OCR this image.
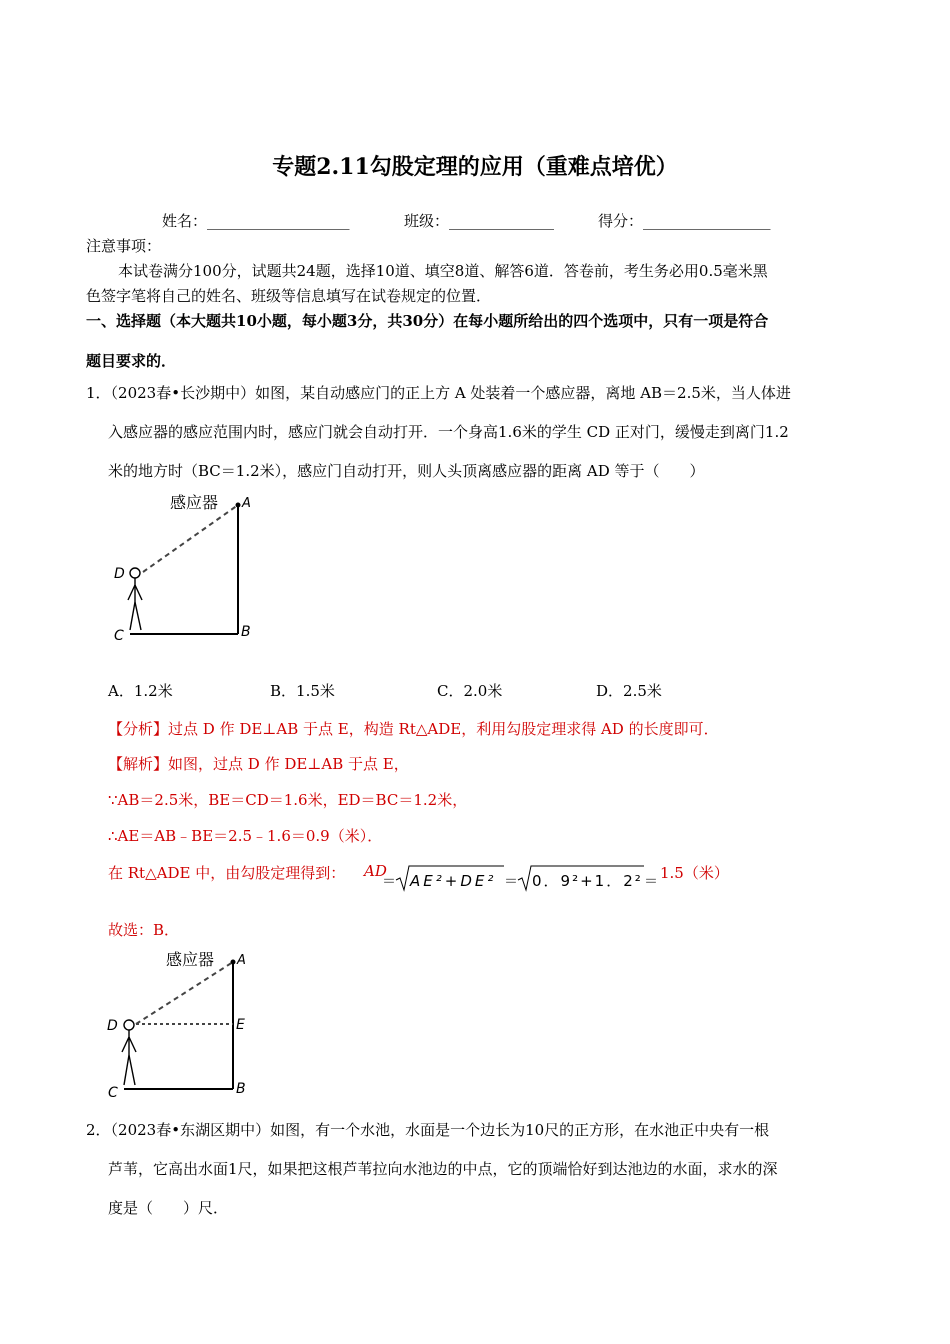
专题2.11勾股定理的应用（重难点培优）
姓名：___________________	班级：______________	得分：_________________
注意事项：
本试卷满分100分，试题共24题，选择10道、填空8道、解答6道．答卷前，考生务必用0.5毫米黑
色签字笔将自己的姓名、班级等信息填写在试卷规定的位置．
一、选择题（本大题共10小题，每小题3分，共30分）在每小题所给出的四个选项中，只有一项是符合
题目要求的．
1．（2023春•长沙期中）如图，某自动感应门的正上方 A 处装着一个感应器，离地 AB＝2.5米，当人体进
入感应器的感应范围内时，感应门就会自动打开．一个身高1.6米的学生 CD 正对门，缓慢走到离门1.2
米的地方时（BC＝1.2米），感应门自动打开，则人头顶离感应器的距离 AD 等于（　　）
感应器 A
D
C	B
A．1.2米	B．1.5米	C．2.0米	D．2.5米
【分析】过点 D 作 DE⊥AB 于点 E，构造 Rt△ADE，利用勾股定理求得 AD 的长度即可．
【解析】如图，过点 D 作 DE⊥AB 于点 E，
∵AB＝2.5米，BE＝CD＝1.6米，ED＝BC＝1.2米，
∴AE＝AB﹣BE＝2.5﹣1.6＝0.9（米）．
在 Rt△ADE 中，由勾股定理得到： AD
＝ AE²+DE² ＝ 0．9²+1．2² ＝ 1.5（米）
故选：B．
感应器 A
D	E
C	B
2．（2023春•东湖区期中）如图，有一个水池，水面是一个边长为10尺的正方形，在水池正中央有一根
芦苇，它高出水面1尺，如果把这根芦苇拉向水池边的中点，它的顶端恰好到达池边的水面，求水的深
度是（　　）尺．
